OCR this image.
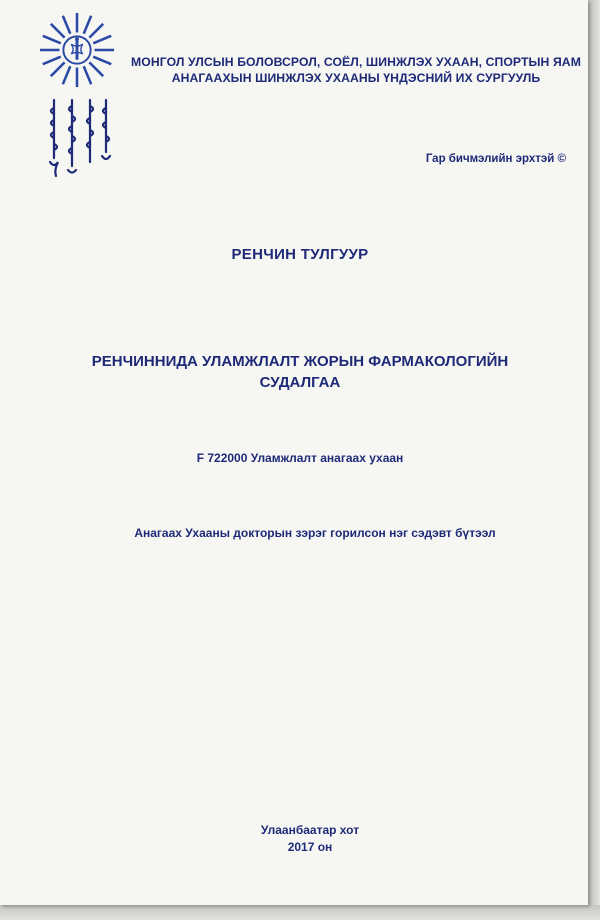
МОНГОЛ УЛСЫН БОЛОВСРОЛ, СОЁЛ, ШИНЖЛЭХ УХААН, СПОРТЫН ЯАМ
АНАГААХЫН ШИНЖЛЭХ УХААНЫ ҮНДЭСНИЙ ИХ СУРГУУЛЬ
Гар бичмэлийн эрхтэй ©
РЕНЧИН ТУЛГУУР
РЕНЧИННИДА УЛАМЖЛАЛТ ЖОРЫН ФАРМАКОЛОГИЙН
СУДАЛГАА
F 722000 Уламжлалт анагаах ухаан
Анагаах Ухааны докторын зэрэг горилсон нэг сэдэвт бүтээл
Улаанбаатар хот
2017 он
